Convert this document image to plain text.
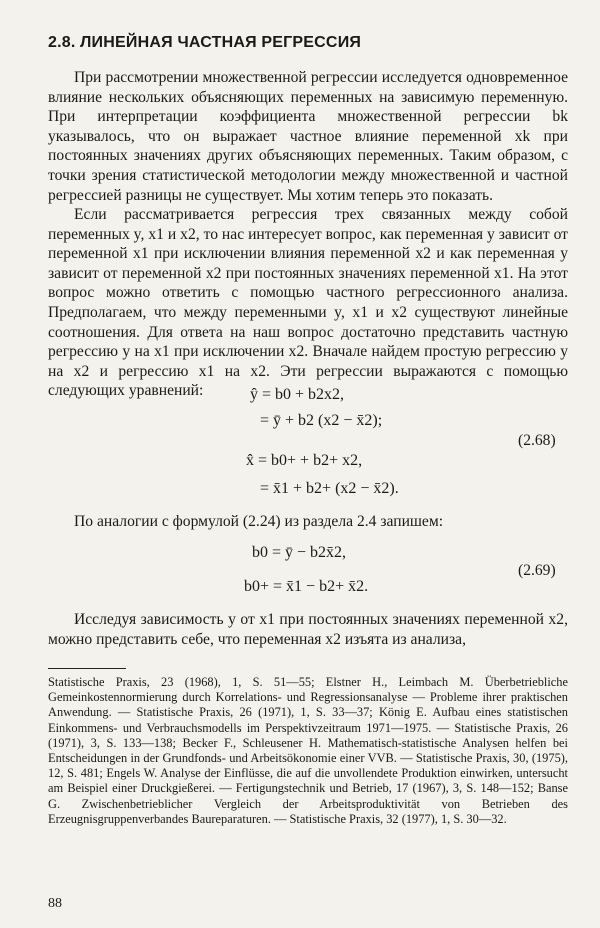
2.8. ЛИНЕЙНАЯ ЧАСТНАЯ РЕГРЕССИЯ
При рассмотрении множественной регрессии исследуется одновременное влияние нескольких объясняющих переменных на зависимую переменную. При интерпретации коэффициента множественной регрессии bk указывалось, что он выражает частное влияние переменной xk при постоянных значениях других объясняющих переменных. Таким образом, с точки зрения статистической методологии между множественной и частной регрессией разницы не существует. Мы хотим теперь это показать.
Если рассматривается регрессия трех связанных между собой переменных y, x1 и x2, то нас интересует вопрос, как переменная y зависит от переменной x1 при исключении влияния переменной x2 и как переменная y зависит от переменной x2 при постоянных значениях переменной x1. На этот вопрос можно ответить с помощью частного регрессионного анализа. Предполагаем, что между переменными y, x1 и x2 существуют линейные соотношения. Для ответа на наш вопрос достаточно представить частную регрессию y на x1 при исключении x2. Вначале найдем простую регрессию y на x2 и регрессию x1 на x2. Эти регрессии выражаются с помощью следующих уравнений:	ŷ = b0 + b2x2,
= ȳ + b2 (x2 − x̄2);
x̂ = b0+ + b2+ x2,
= x̄1 + b2+ (x2 − x̄2).
(2.68)
По аналогии с формулой (2.24) из раздела 2.4 запишем:
b0 = ȳ − b2x̄2,
b0+ = x̄1 − b2+ x̄2.
(2.69)
Исследуя зависимость y от x1 при постоянных значениях переменной x2, можно представить себе, что переменная x2 изъята из анализа,
Statistische Praxis, 23 (1968), 1, S. 51—55; Elstner H., Leimbach M. Überbetriebliche Gemeinkostennormierung durch Korrelations- und Regressionsanalyse — Probleme ihrer praktischen Anwendung. — Statistische Praxis, 26 (1971), 1, S. 33—37; König E. Aufbau eines statistischen Einkommens- und Verbrauchsmodells im Perspektivzeitraum 1971—1975. — Statistische Praxis, 26 (1971), 3, S. 133—138; Becker F., Schleusener H. Mathematisch-statistische Analysen helfen bei Entscheidungen in der Grundfonds- und Arbeitsökonomie einer VVB. — Statistische Praxis, 30, (1975), 12, S. 481; Engels W. Analyse der Einflüsse, die auf die unvollendete Produktion einwirken, untersucht am Beispiel einer Druckgießerei. — Fertigungstechnik und Betrieb, 17 (1967), 3, S. 148—152; Banse G. Zwischenbetrieblicher Vergleich der Arbeitsproduktivität von Betrieben des Erzeugnisgruppenverbandes Baureparaturen. — Statistische Praxis, 32 (1977), 1, S. 30—32.
88
